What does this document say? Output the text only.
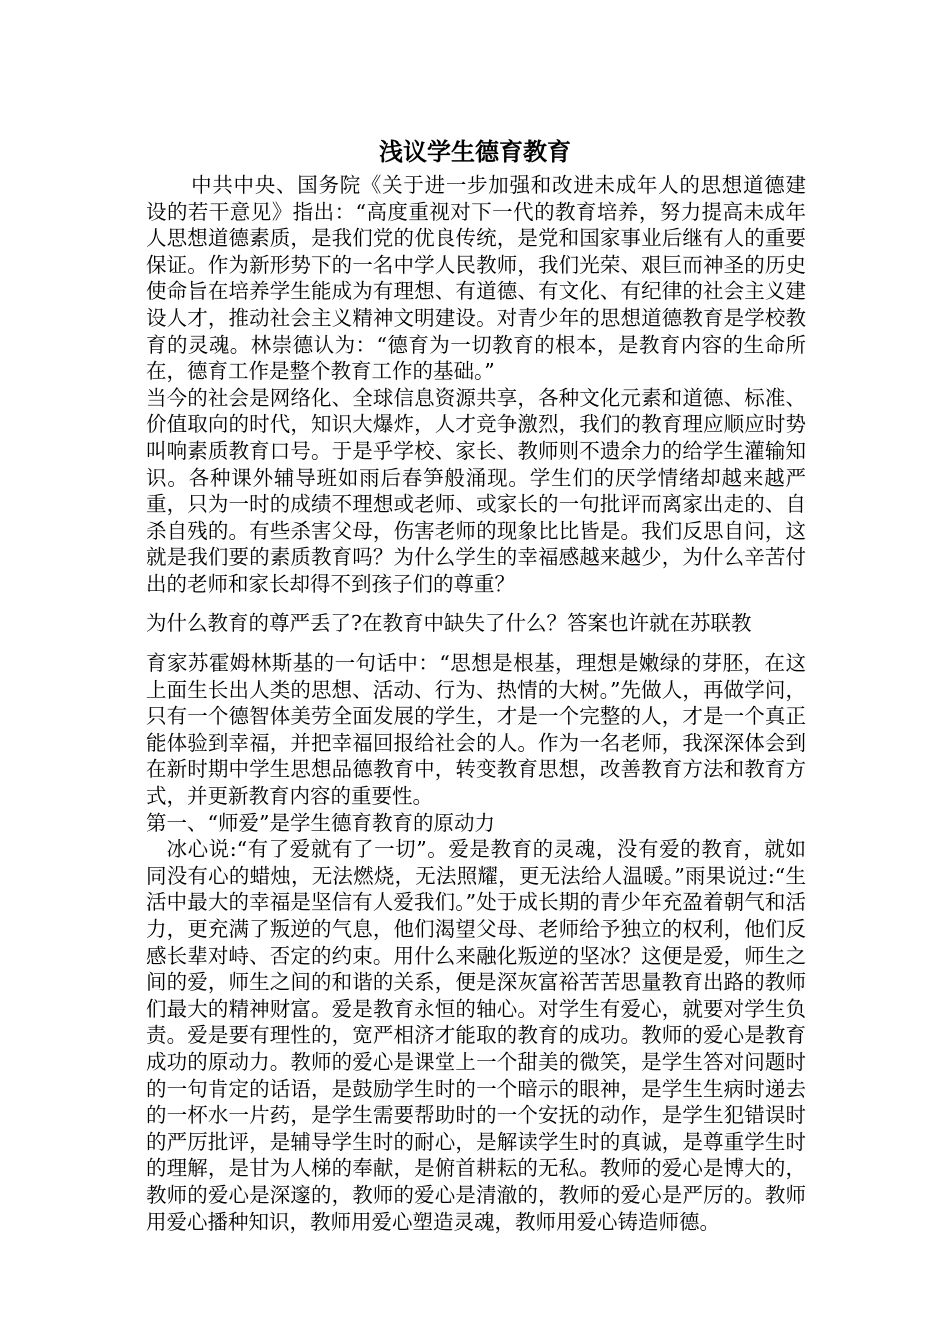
浅议学生德育教育

中共中央、国务院《关于进一步加强和改进未成年人的思想道德建设的若干意见》指出：“高度重视对下一代的教育培养，努力提高未成年人思想道德素质，是我们党的优良传统，是党和国家事业后继有人的重要保证。作为新形势下的一名中学人民教师，我们光荣、艰巨而神圣的历史使命旨在培养学生能成为有理想、有道德、有文化、有纪律的社会主义建设人才，推动社会主义精神文明建设。对青少年的思想道德教育是学校教育的灵魂。林崇德认为：“德育为一切教育的根本，是教育内容的生命所在，德育工作是整个教育工作的基础。”

当今的社会是网络化、全球信息资源共享，各种文化元素和道德、标准、价值取向的时代，知识大爆炸，人才竞争激烈，我们的教育理应顺应时势叫响素质教育口号。于是乎学校、家长、教师则不遗余力的给学生灌输知识。各种课外辅导班如雨后春笋般涌现。学生们的厌学情绪却越来越严重，只为一时的成绩不理想或老师、或家长的一句批评而离家出走的、自杀自残的。有些杀害父母，伤害老师的现象比比皆是。我们反思自问，这就是我们要的素质教育吗？为什么学生的幸福感越来越少，为什么辛苦付出的老师和家长却得不到孩子们的尊重？

为什么教育的尊严丢了?在教育中缺失了什么？答案也许就在苏联教

育家苏霍姆林斯基的一句话中：“思想是根基，理想是嫩绿的芽胚，在这上面生长出人类的思想、活动、行为、热情的大树。”先做人，再做学问，只有一个德智体美劳全面发展的学生，才是一个完整的人，才是一个真正能体验到幸福，并把幸福回报给社会的人。作为一名老师，我深深体会到在新时期中学生思想品德教育中，转变教育思想，改善教育方法和教育方式，并更新教育内容的重要性。

第一、“师爱”是学生德育教育的原动力

冰心说:“有了爱就有了一切”。爱是教育的灵魂，没有爱的教育，就如同没有心的蜡烛，无法燃烧，无法照耀，更无法给人温暖。”雨果说过:“生活中最大的幸福是坚信有人爱我们。”处于成长期的青少年充盈着朝气和活力，更充满了叛逆的气息，他们渴望父母、老师给予独立的权利，他们反感长辈对峙、否定的约束。用什么来融化叛逆的坚冰？这便是爱，师生之间的爱，师生之间的和谐的关系，便是深灰富裕苦苦思量教育出路的教师们最大的精神财富。爱是教育永恒的轴心。对学生有爱心，就要对学生负责。爱是要有理性的，宽严相济才能取的教育的成功。教师的爱心是教育成功的原动力。教师的爱心是课堂上一个甜美的微笑，是学生答对问题时的一句肯定的话语，是鼓励学生时的一个暗示的眼神，是学生生病时递去的一杯水一片药，是学生需要帮助时的一个安抚的动作，是学生犯错误时的严厉批评，是辅导学生时的耐心，是解读学生时的真诚，是尊重学生时的理解，是甘为人梯的奉献，是俯首耕耘的无私。教师的爱心是博大的，教师的爱心是深邃的，教师的爱心是清澈的，教师的爱心是严厉的。教师用爱心播种知识，教师用爱心塑造灵魂，教师用爱心铸造师德。
